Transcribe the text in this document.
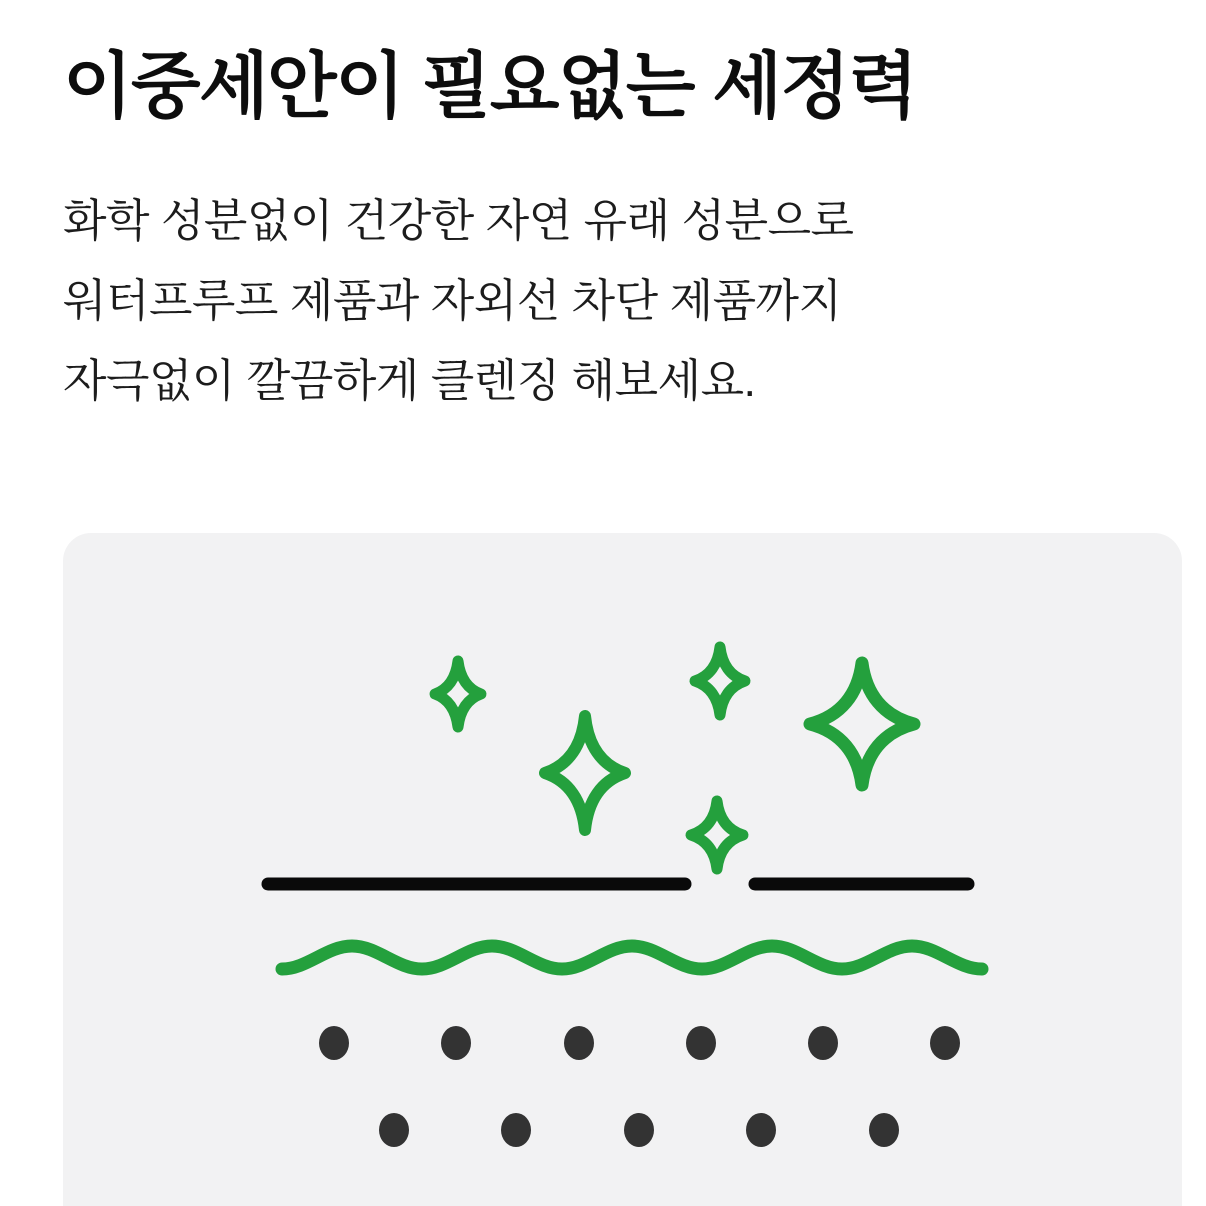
이중세안이 필요없는 세정력

화학 성분없이 건강한 자연 유래 성분으로

워터프루프 제품과 자외선 차단 제품까지

자극없이 깔끔하게 클렌징 해보세요.
